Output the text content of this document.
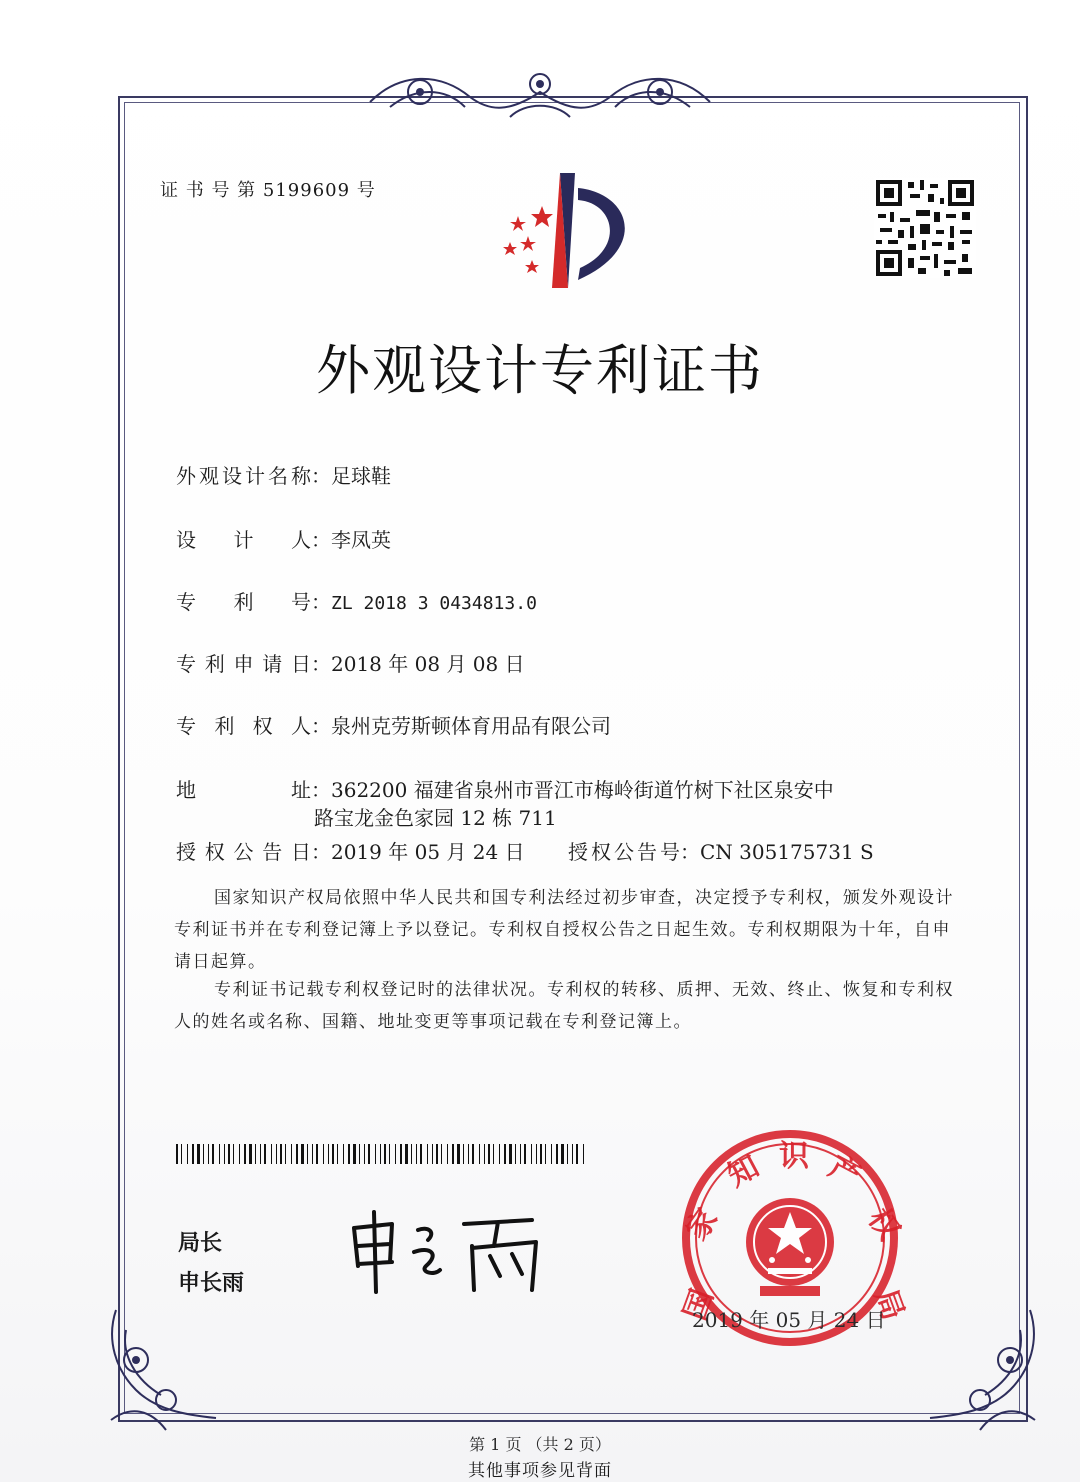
证 书 号 第 5199609 号
外观设计专利证书
外观设计名称：足球鞋
设 计 人：李凤英
专 利 号：ZL 2018 3 0434813.0
专利申请日：2018 年 08 月 08 日
专 利 权 人：泉州克劳斯顿体育用品有限公司
地 址：362200 福建省泉州市晋江市梅岭街道竹树下社区泉安中
路宝龙金色家园 12 栋 711
授权公告日：2019 年 05 月 24 日 授权公告号：CN 305175731 S
国家知识产权局依照中华人民共和国专利法经过初步审查，决定授予专利权，颁发外观设计专利证书并在专利登记簿上予以登记。专利权自授权公告之日起生效。专利权期限为十年，自申请日起算。
专利证书记载专利权登记时的法律状况。专利权的转移、质押、无效、终止、恢复和专利权人的姓名或名称、国籍、地址变更等事项记载在专利登记簿上。
局长
申长雨
国
家
知 识 产
权
局
2019 年 05 月 24 日
第 1 页 （共 2 页）
其他事项参见背面
